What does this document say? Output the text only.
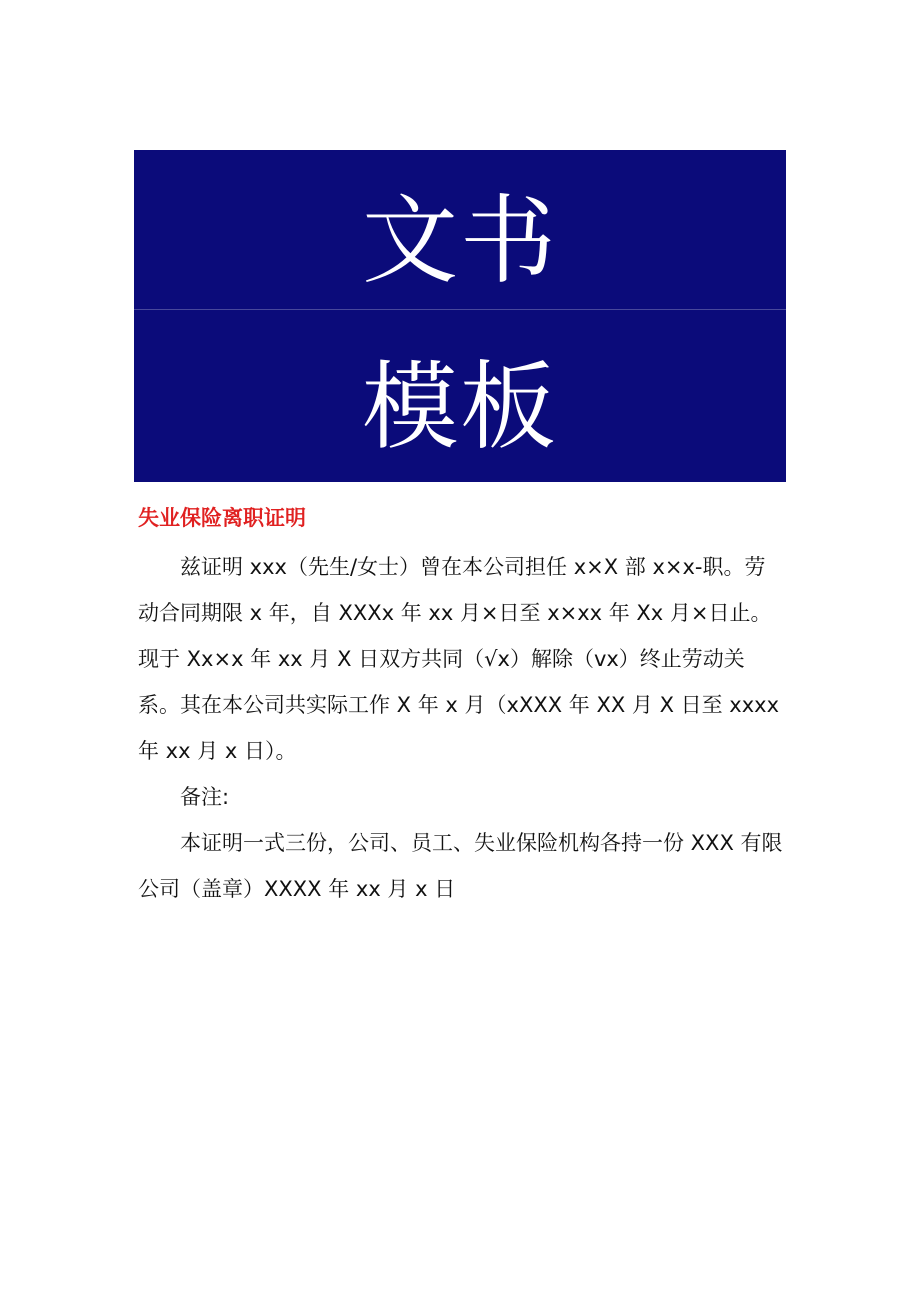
文书
模板
失业保险离职证明

兹证明 xxx（先生/女士）曾在本公司担任 x×X 部 x×x-职。劳动合同期限 x 年，自 XXXx 年 xx 月×日至 x×xx 年 Xx 月×日止。现于 Xx×x 年 xx 月 X 日双方共同（√x）解除（vx）终止劳动关系。其在本公司共实际工作 X 年 x 月（xXXX 年 XX 月 X 日至 xxxx 年 xx 月 x 日）。

备注:

本证明一式三份，公司、员工、失业保险机构各持一份 XXX 有限公司（盖章）XXXX 年 xx 月 x 日
